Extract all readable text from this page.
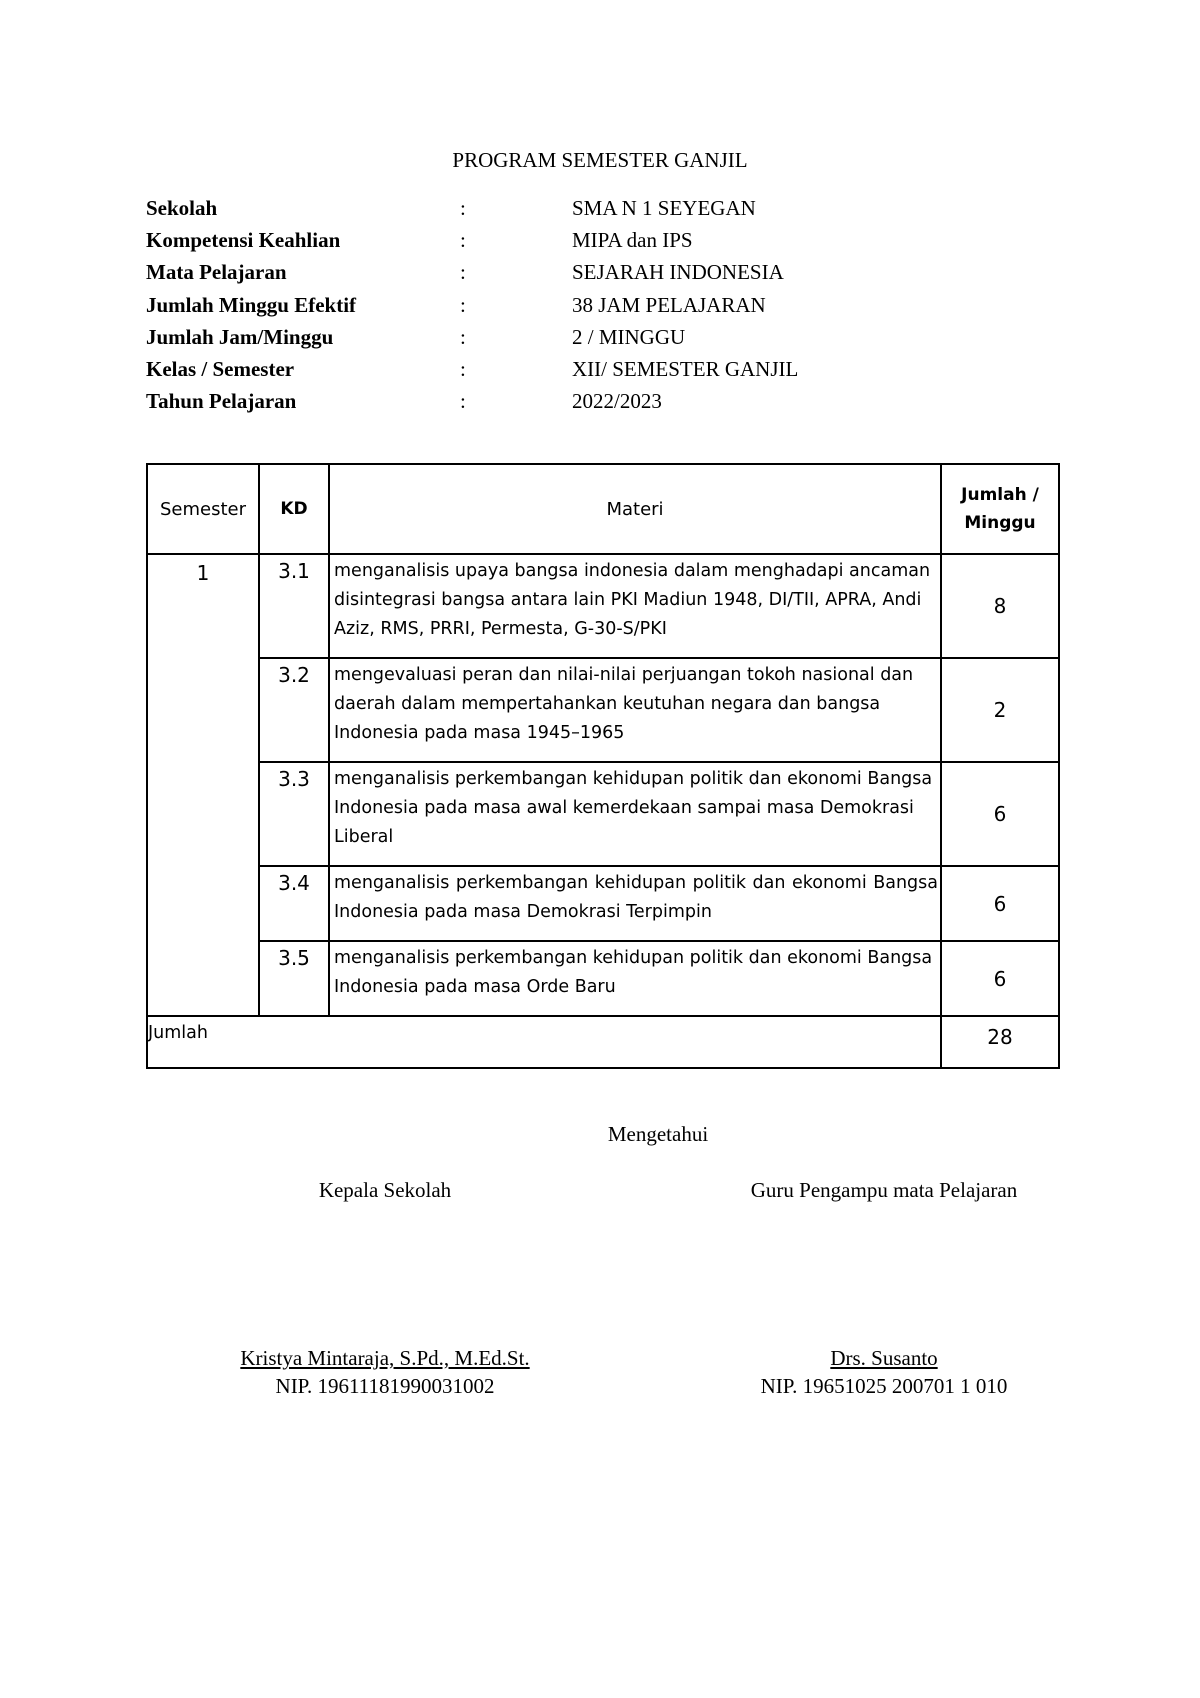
PROGRAM SEMESTER GANJIL
Sekolah	:	SMA N 1 SEYEGAN
Kompetensi Keahlian	:	MIPA dan IPS
Mata Pelajaran	:	SEJARAH INDONESIA
Jumlah Minggu Efektif	:	38 JAM PELAJARAN
Jumlah Jam/Minggu	:	2 / MINGGU
Kelas / Semester	:	XII/ SEMESTER GANJIL
Tahun Pelajaran	:	2022/2023
Semester	KD	Materi	Jumlah / Minggu
1	3.1	menganalisis upaya bangsa indonesia dalam menghadapi ancaman disintegrasi bangsa antara lain PKI Madiun 1948, DI/TII, APRA, Andi Aziz, RMS, PRRI, Permesta, G-30-S/PKI	8
	3.2	mengevaluasi peran dan nilai-nilai perjuangan tokoh nasional dan daerah dalam mempertahankan keutuhan negara dan bangsa Indonesia pada masa 1945–1965	2
	3.3	menganalisis perkembangan kehidupan politik dan ekonomi Bangsa Indonesia pada masa awal kemerdekaan sampai masa Demokrasi Liberal	6
	3.4	menganalisis perkembangan kehidupan politik dan ekonomi Bangsa Indonesia pada masa Demokrasi Terpimpin	6
	3.5	menganalisis perkembangan kehidupan politik dan ekonomi Bangsa Indonesia pada masa Orde Baru	6
Jumlah			28
Mengetahui
Kepala Sekolah	Guru Pengampu mata Pelajaran
Kristya Mintaraja, S.Pd., M.Ed.St.	Drs. Susanto
NIP. 19611181990031002	NIP. 19651025 200701 1 010
